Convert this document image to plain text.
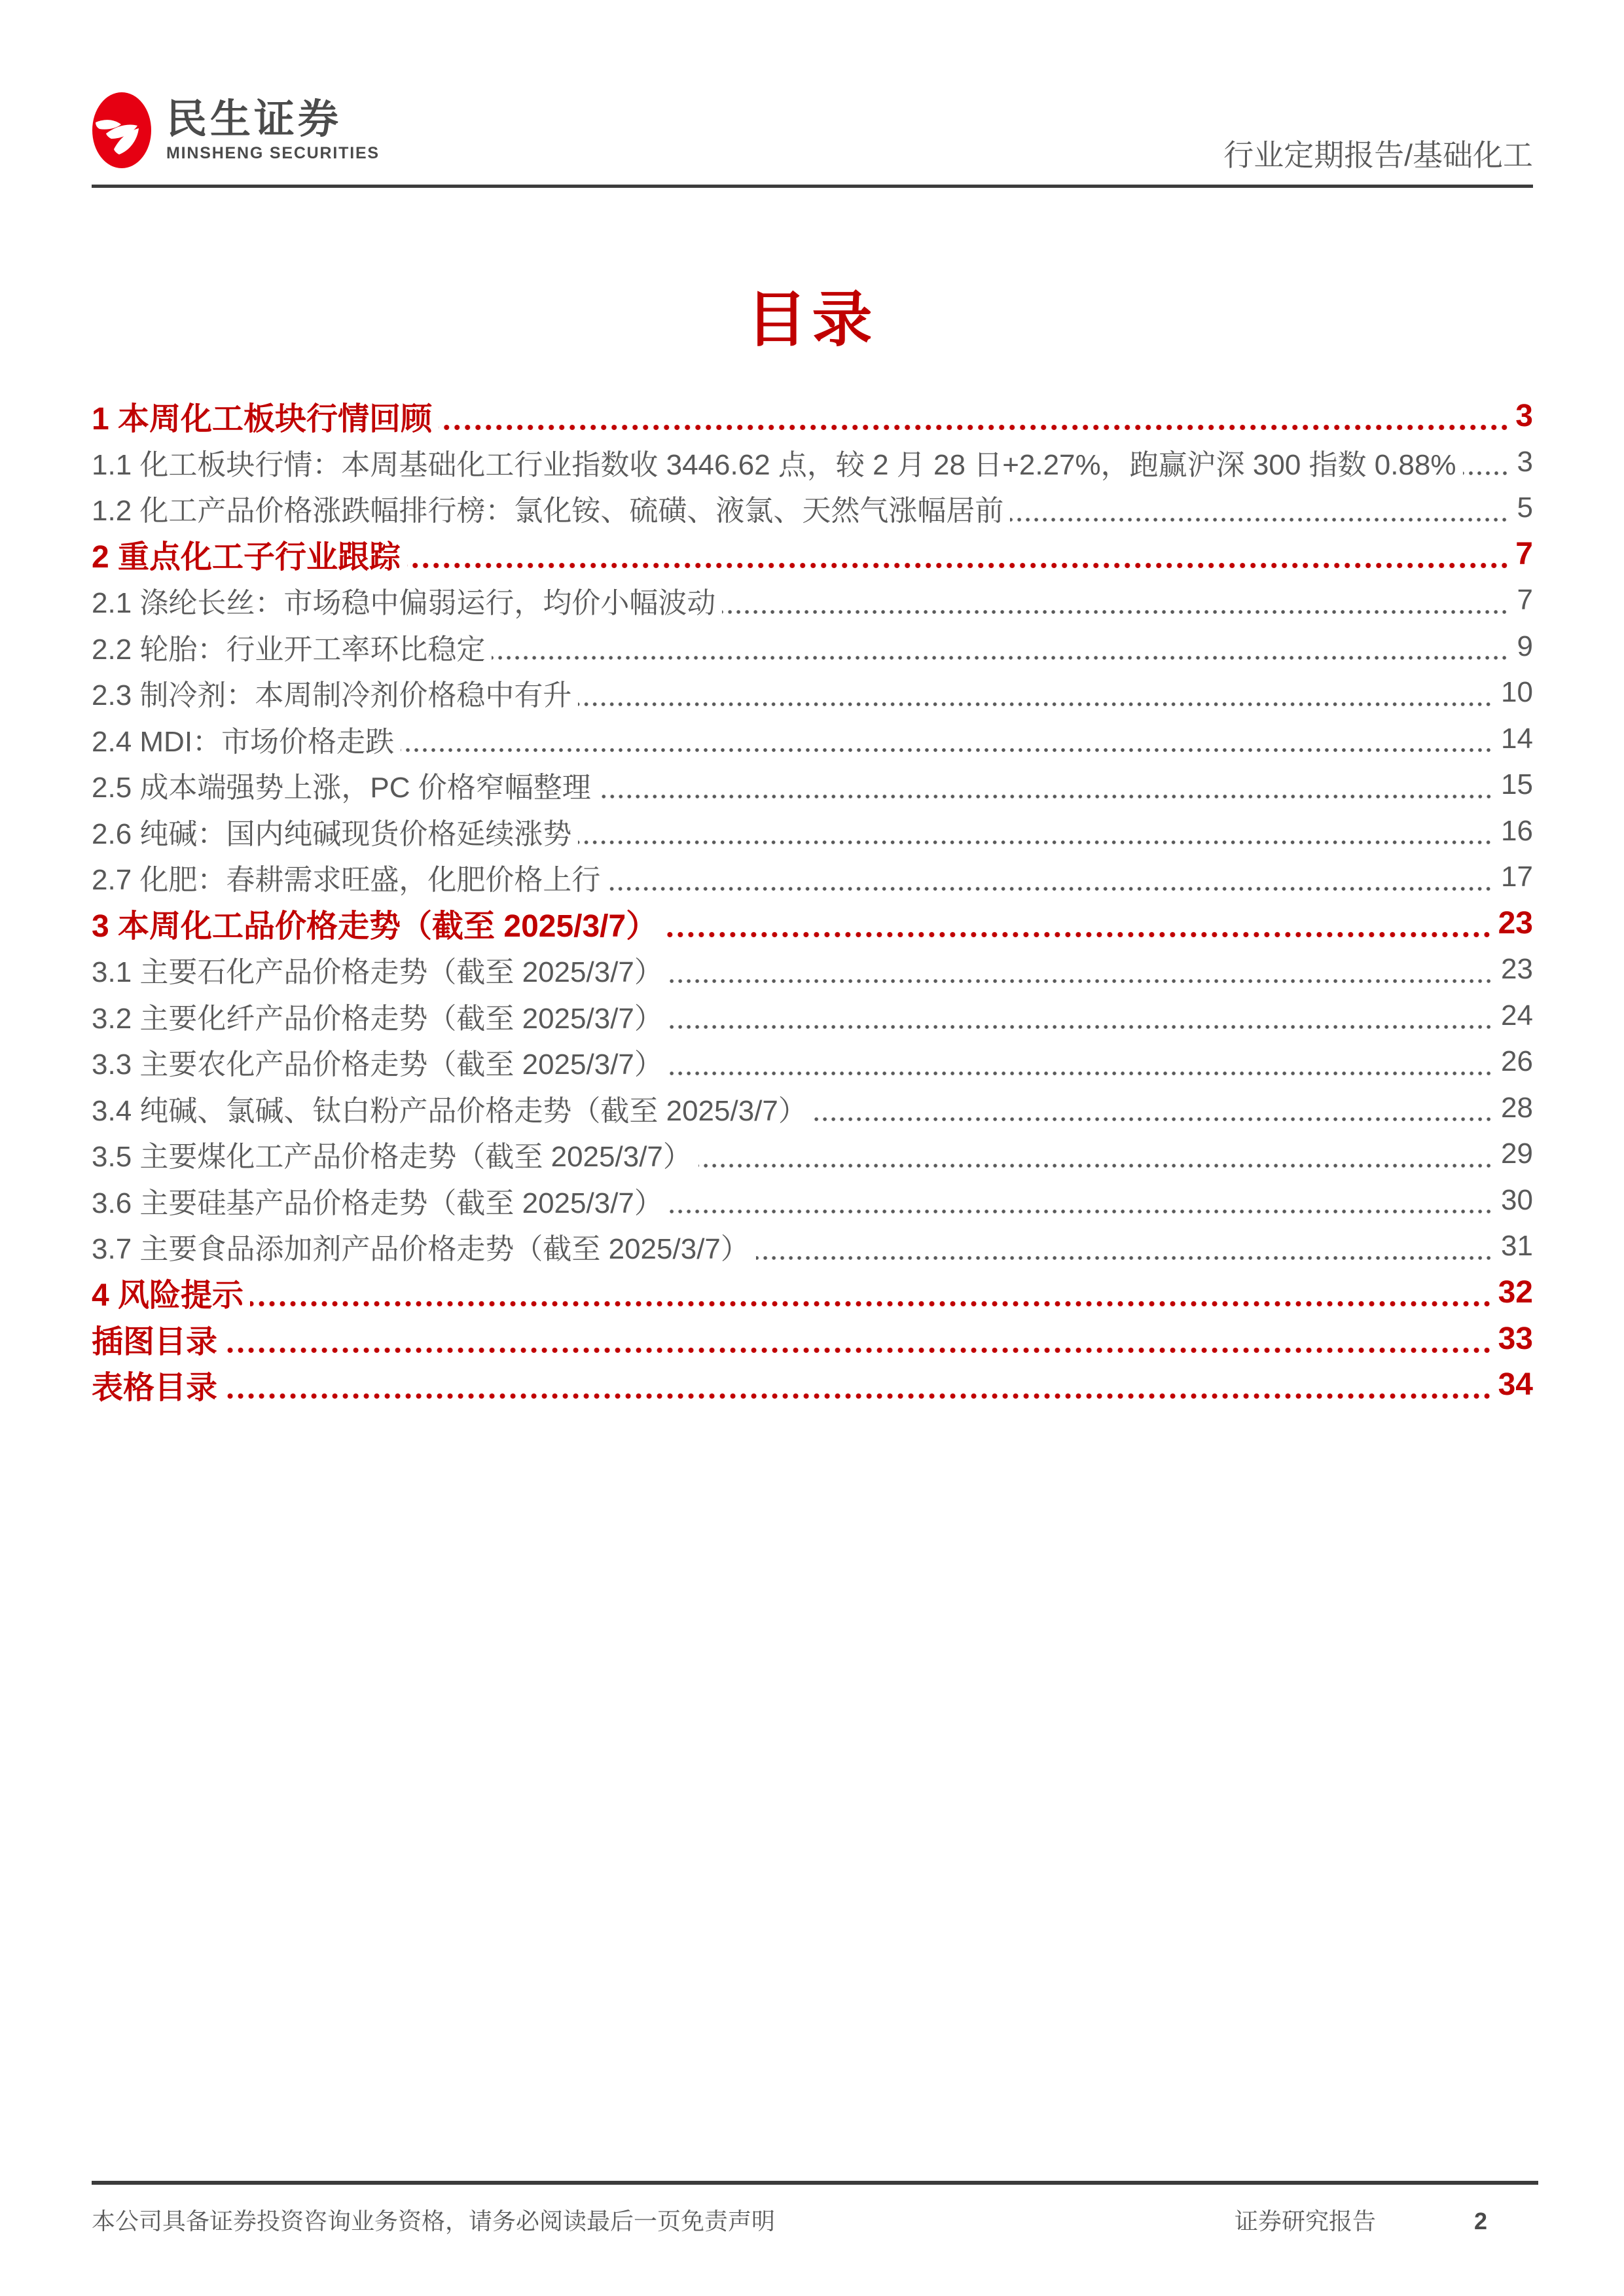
民生证券
MINSHENG SECURITIES	行业定期报告/基础化工
目录
1 本周化工板块行情回顾	3
1.1 化工板块行情：本周基础化工行业指数收 3446.62 点，较 2 月 28 日+2.27%，跑赢沪深 300 指数 0.88% 3
1.2 化工产品价格涨跌幅排行榜：氯化铵、硫磺、液氯、天然气涨幅居前	5
2 重点化工子行业跟踪	7
2.1 涤纶长丝：市场稳中偏弱运行，均价小幅波动	7
2.2 轮胎：行业开工率环比稳定	9
2.3 制冷剂：本周制冷剂价格稳中有升	10
2.4 MDI：市场价格走跌	14
2.5 成本端强势上涨，PC 价格窄幅整理	15
2.6 纯碱：国内纯碱现货价格延续涨势	16
2.7 化肥：春耕需求旺盛，化肥价格上行	17
3 本周化工品价格走势（截至 2025/3/7）	23
3.1 主要石化产品价格走势（截至 2025/3/7）	23
3.2 主要化纤产品价格走势（截至 2025/3/7）	24
3.3 主要农化产品价格走势（截至 2025/3/7）	26
3.4 纯碱、氯碱、钛白粉产品价格走势（截至 2025/3/7）	28
3.5 主要煤化工产品价格走势（截至 2025/3/7）	29
3.6 主要硅基产品价格走势（截至 2025/3/7）	30
3.7 主要食品添加剂产品价格走势（截至 2025/3/7）	31
4 风险提示	32
插图目录	33
表格目录	34
本公司具备证券投资咨询业务资格，请务必阅读最后一页免责声明	证券研究报告	2
